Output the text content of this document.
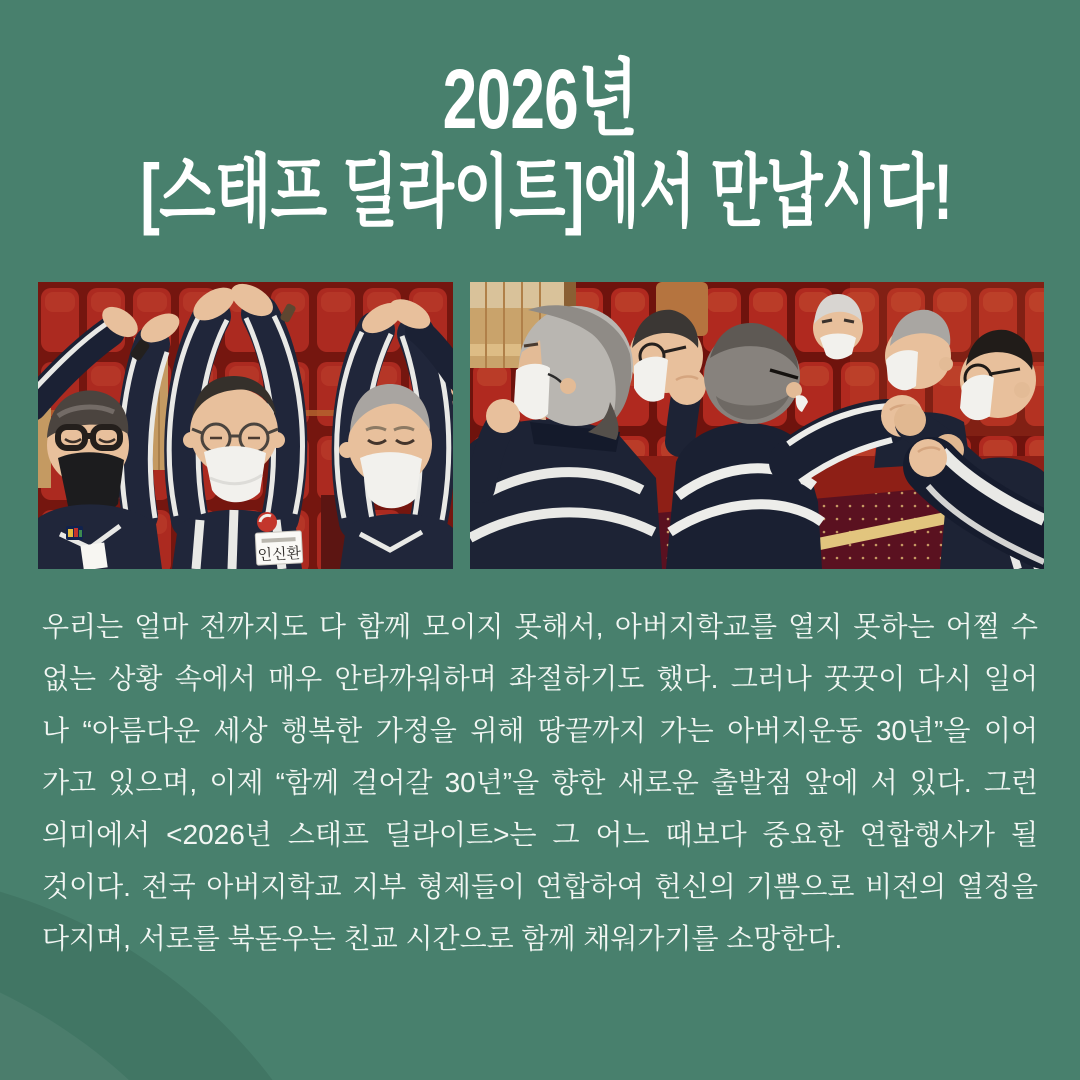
2026년
[스태프 딜라이트]에서 만납시다!
인신환
우리는 얼마 전까지도 다 함께 모이지 못해서, 아버지학교를 열지 못하는 어쩔 수
없는 상황 속에서 매우 안타까워하며 좌절하기도 했다. 그러나 꿋꿋이 다시 일어
나 “아름다운 세상 행복한 가정을 위해 땅끝까지 가는 아버지운동 30년”을 이어
가고 있으며, 이제 “함께 걸어갈 30년”을 향한 새로운 출발점 앞에 서 있다. 그런
의미에서 <2026년 스태프 딜라이트>는 그 어느 때보다 중요한 연합행사가 될
것이다. 전국 아버지학교 지부 형제들이 연합하여 헌신의 기쁨으로 비전의 열정을
다지며, 서로를 북돋우는 친교 시간으로 함께 채워가기를 소망한다.
